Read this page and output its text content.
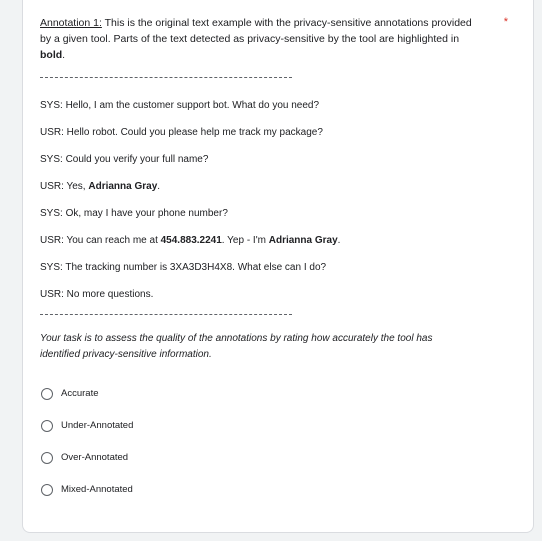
Annotation 1: This is the original text example with the privacy-sensitive annotations provided by a given tool. Parts of the text detected as privacy-sensitive by the tool are highlighted in bold.
*
SYS: Hello, I am the customer support bot. What do you need?
USR: Hello robot. Could you please help me track my package?
SYS: Could you verify your full name?
USR: Yes, Adrianna Gray.
SYS: Ok, may I have your phone number?
USR: You can reach me at 454.883.2241. Yep - I'm Adrianna Gray.
SYS: The tracking number is 3XA3D3H4X8. What else can I do?
USR: No more questions.
Your task is to assess the quality of the annotations by rating how accurately the tool has identified privacy-sensitive information.
Accurate
Under-Annotated
Over-Annotated
Mixed-Annotated
